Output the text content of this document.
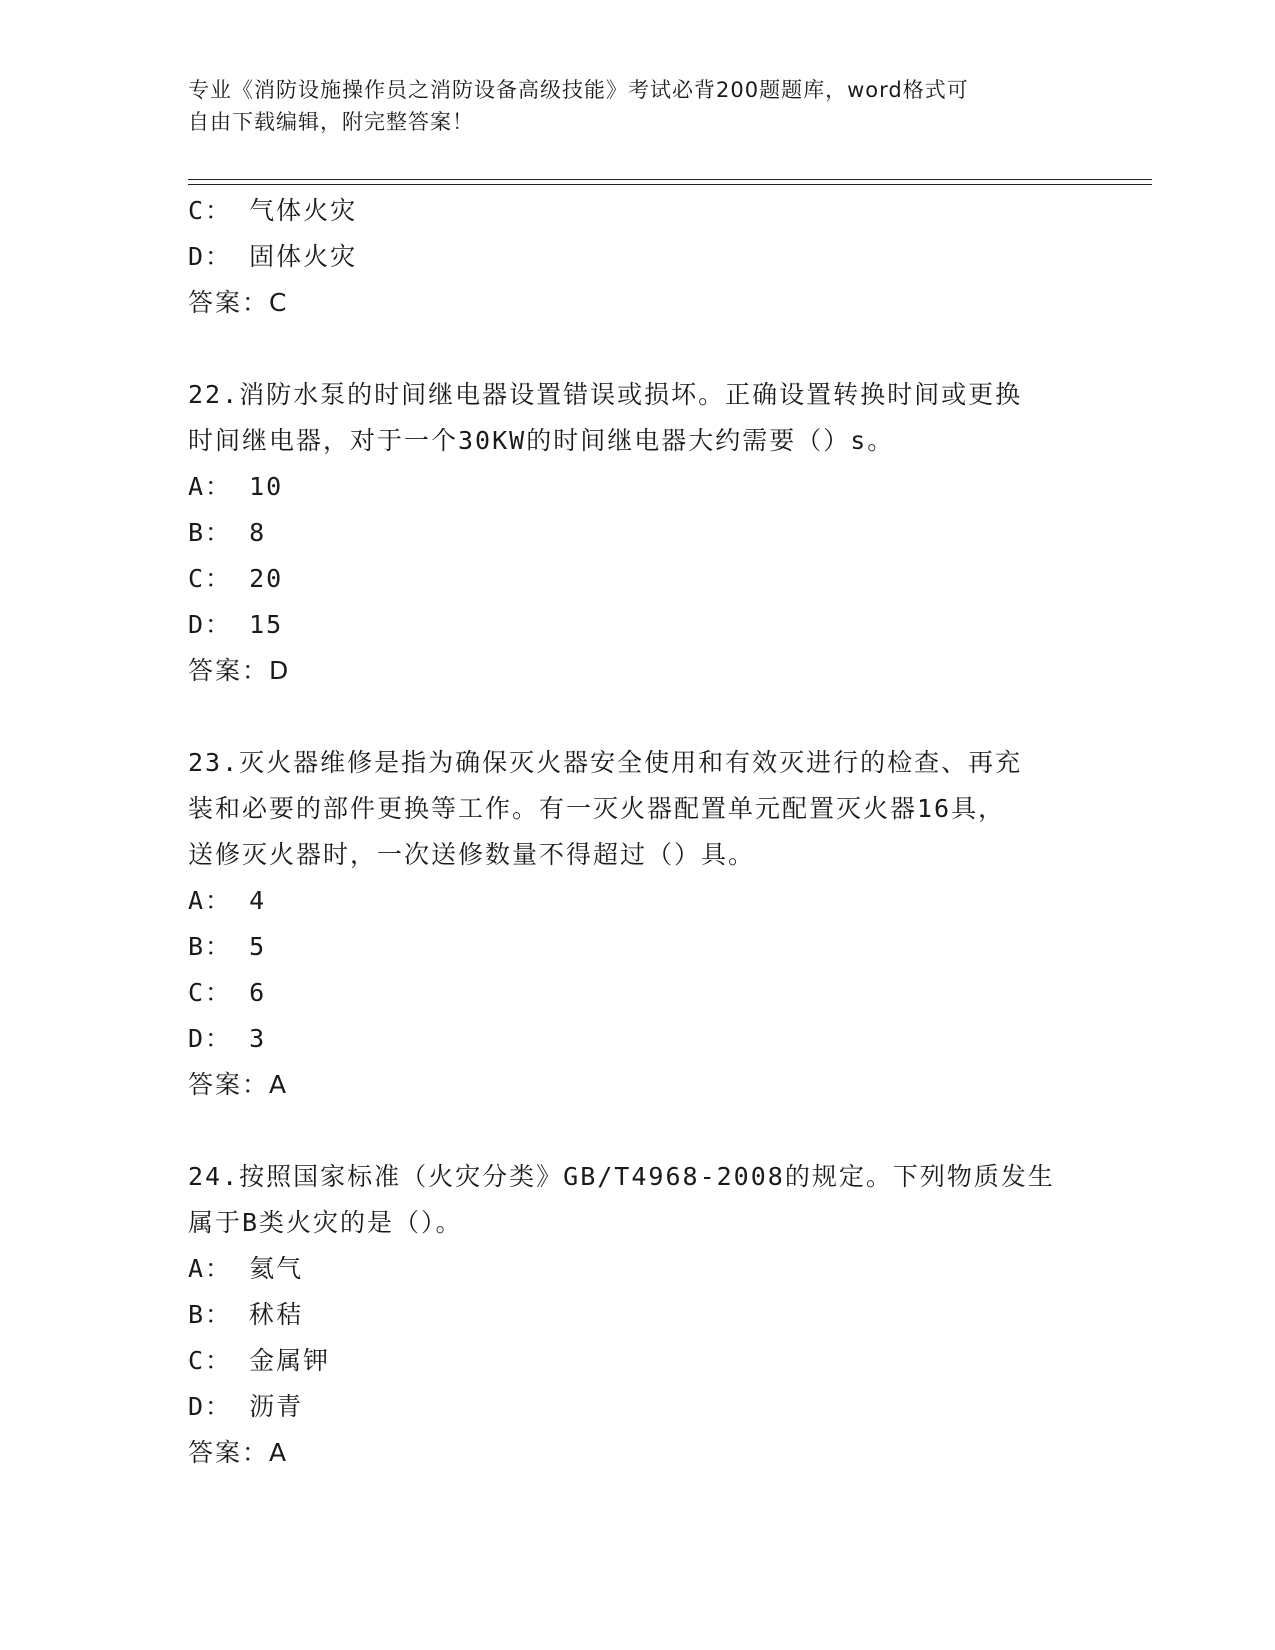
专业《消防设施操作员之消防设备高级技能》考试必背200题题库，word格式可
自由下载编辑，附完整答案！
C： 气体火灾
D： 固体火灾
答案：C
22.消防水泵的时间继电器设置错误或损坏。正确设置转换时间或更换
时间继电器，对于一个30KW的时间继电器大约需要（）s。
A： 10
B： 8
C： 20
D： 15
答案：D
23.灭火器维修是指为确保灭火器安全使用和有效灭进行的检查、再充
装和必要的部件更换等工作。有一灭火器配置单元配置灭火器16具，
送修灭火器时，一次送修数量不得超过（）具。
A： 4
B： 5
C： 6
D： 3
答案：A
24.按照国家标准（火灾分类》GB/T4968-2008的规定。下列物质发生
属于B类火灾的是（）。
A： 氦气
B： 秫秸
C： 金属钾
D： 沥青
答案：A
